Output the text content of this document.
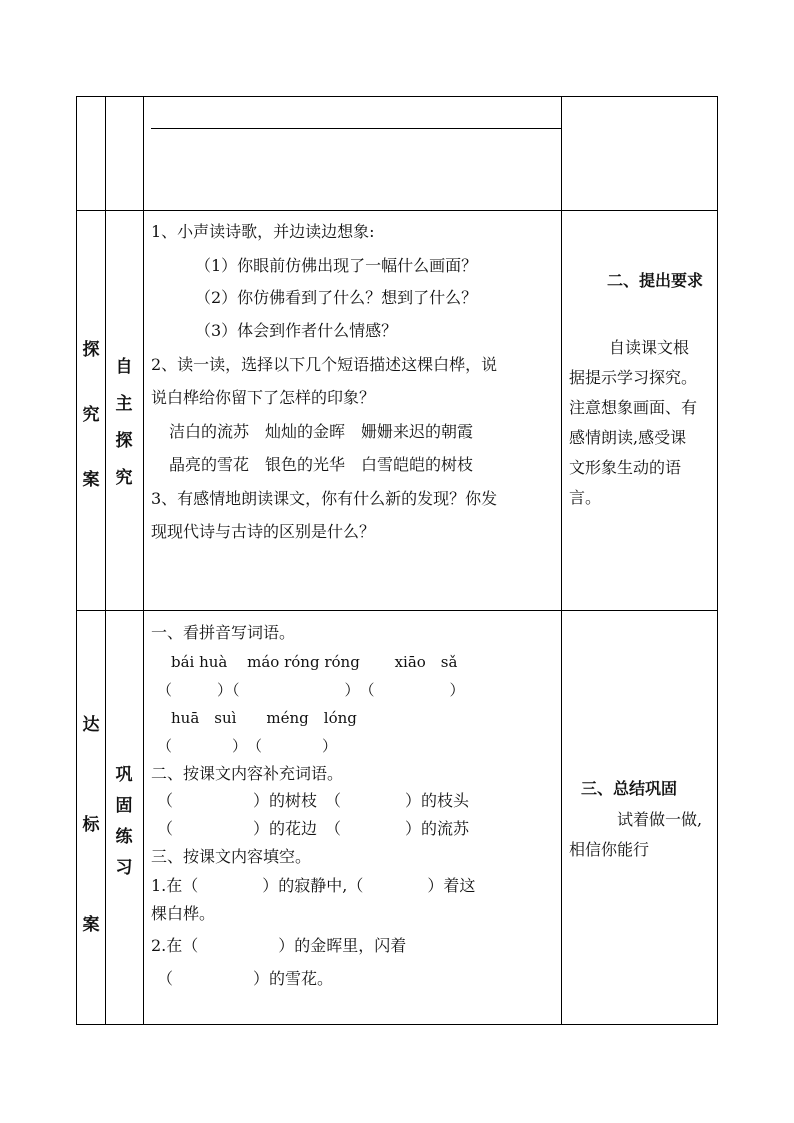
探
究
案
自
主
探
究
1、小声读诗歌，并边读边想象:
（1）你眼前仿佛出现了一幅什么画面？
（2）你仿佛看到了什么？想到了什么？
（3）体会到作者什么情感？
2、读一读，选择以下几个短语描述这棵白桦，说
说白桦给你留下了怎样的印象？
洁白的流苏　灿灿的金晖　姗姗来迟的朝霞
晶亮的雪花　银色的光华　白雪皑皑的树枝
3、有感情地朗读课文，你有什么新的发现？你发
现现代诗与古诗的区别是什么？
二、提出要求
自读课文根
据提示学习探究。
注意想象画面、有
感情朗读,感受课
文形象生动的语
言。
达
标
案
巩
固
练
习
一、看拼音写词语。
bái huà　 máo róng róng　　 xiāo　sǎ
（　　　）（　　　　　　　）　（　　　　　）
huā　suì　　méng　lóng
（　　　　）　（　　　　）
二、按课文内容补充词语。
（　　　　　）的树枝　（　　　　）的枝头
（　　　　　）的花边　（　　　　）的流苏
三、按课文内容填空。
1.在（　　　　）的寂静中,（　　　　）着这
棵白桦。
2.在（　　　　　）的金晖里，闪着
（　　　　　）的雪花。
三、总结巩固
试着做一做,
相信你能行
